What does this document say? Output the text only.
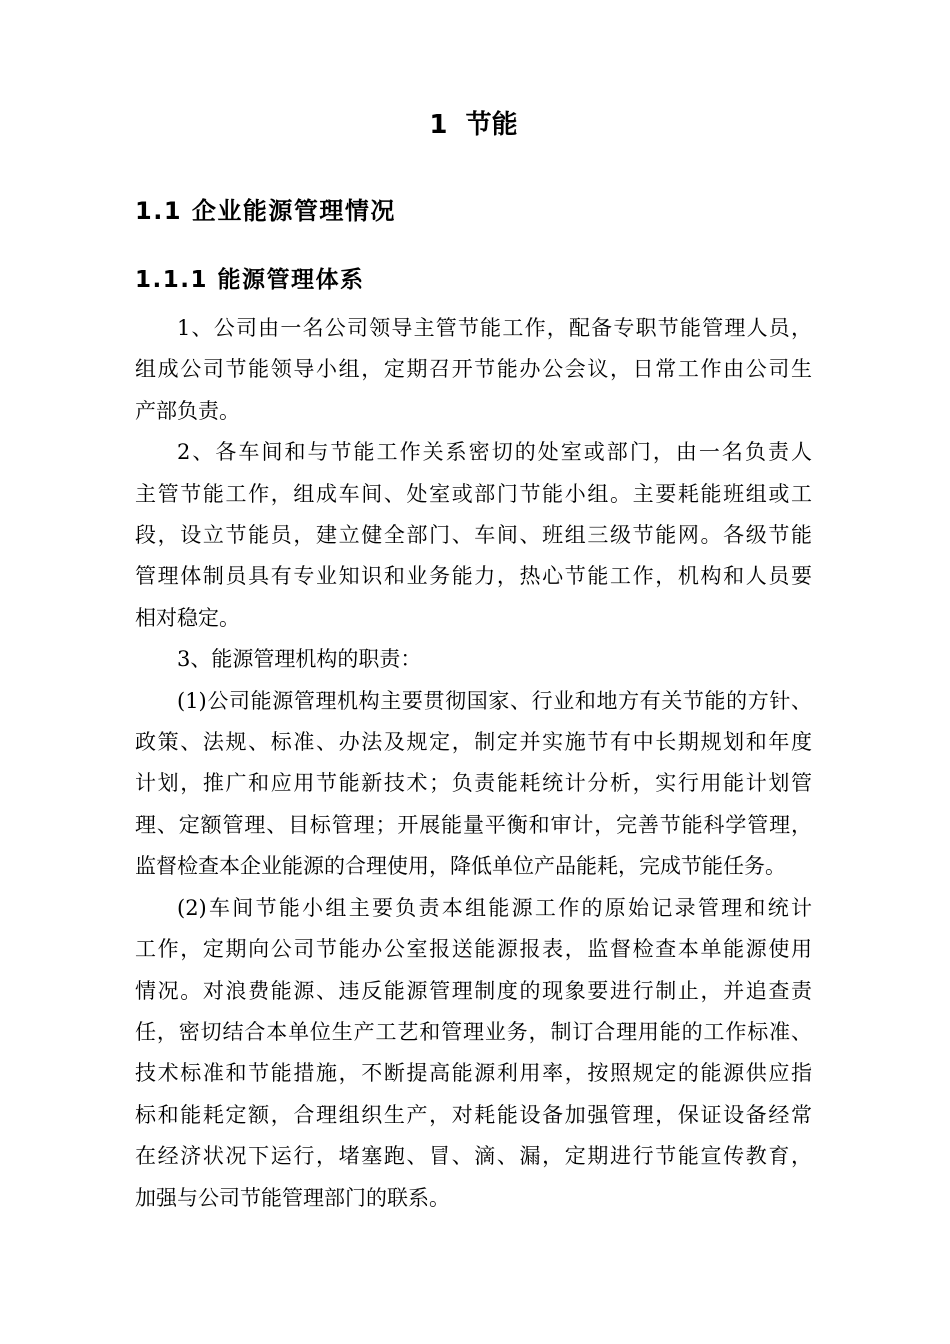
1  节能
1.1 企业能源管理情况
1.1.1 能源管理体系

1、公司由一名公司领导主管节能工作，配备专职节能管理人员，
组成公司节能领导小组，定期召开节能办公会议，日常工作由公司生
产部负责。

2、各车间和与节能工作关系密切的处室或部门，由一名负责人
主管节能工作，组成车间、处室或部门节能小组。主要耗能班组或工
段，设立节能员，建立健全部门、车间、班组三级节能网。各级节能
管理体制员具有专业知识和业务能力，热心节能工作，机构和人员要
相对稳定。

3、能源管理机构的职责：

(1)公司能源管理机构主要贯彻国家、行业和地方有关节能的方针、
政策、法规、标准、办法及规定，制定并实施节有中长期规划和年度
计划，推广和应用节能新技术；负责能耗统计分析，实行用能计划管
理、定额管理、目标管理；开展能量平衡和审计，完善节能科学管理，
监督检查本企业能源的合理使用，降低单位产品能耗，完成节能任务。

(2)车间节能小组主要负责本组能源工作的原始记录管理和统计
工作，定期向公司节能办公室报送能源报表，监督检查本单能源使用
情况。对浪费能源、违反能源管理制度的现象要进行制止，并追查责
任，密切结合本单位生产工艺和管理业务，制订合理用能的工作标准、
技术标准和节能措施，不断提高能源利用率，按照规定的能源供应指
标和能耗定额，合理组织生产，对耗能设备加强管理，保证设备经常
在经济状况下运行，堵塞跑、冒、滴、漏，定期进行节能宣传教育，
加强与公司节能管理部门的联系。
